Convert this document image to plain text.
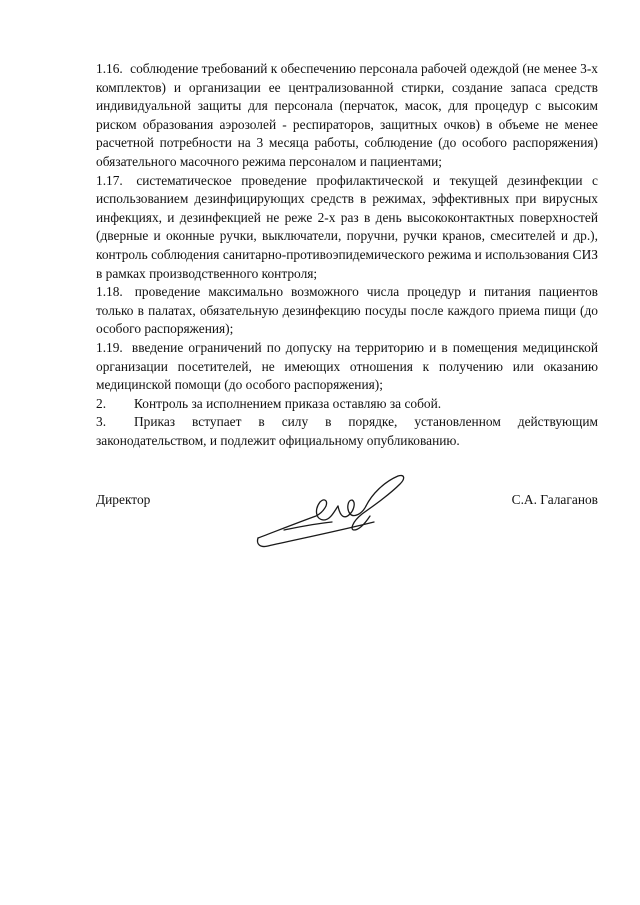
1.16. соблюдение требований к обеспечению персонала рабочей одеждой (не менее 3-х комплектов) и организации ее централизованной стирки, создание запаса средств индивидуальной защиты для персонала (перчаток, масок, для процедур с высоким риском образования аэрозолей - респираторов, защитных очков) в объеме не менее расчетной потребности на 3 месяца работы, соблюдение (до особого распоряжения) обязательного масочного режима персоналом и пациентами;

1.17. систематическое проведение профилактической и текущей дезинфекции с использованием дезинфицирующих средств в режимах, эффективных при вирусных инфекциях, и дезинфекцией не реже 2-х раз в день высококонтактных поверхностей (дверные и оконные ручки, выключатели, поручни, ручки кранов, смесителей и др.), контроль соблюдения санитарно-противоэпидемического режима и использования СИЗ в рамках производственного контроля;

1.18. проведение максимально возможного числа процедур и питания пациентов только в палатах, обязательную дезинфекцию посуды после каждого приема пищи (до особого распоряжения);

1.19. введение ограничений по допуску на территорию и в помещения медицинской организации посетителей, не имеющих отношения к получению или оказанию медицинской помощи (до особого распоряжения);

2.	Контроль за исполнением приказа оставляю за собой.

3. Приказ вступает в силу в порядке, установленном действующим законодательством, и подлежит официальному опубликованию.

Директор	С.А. Галаганов
